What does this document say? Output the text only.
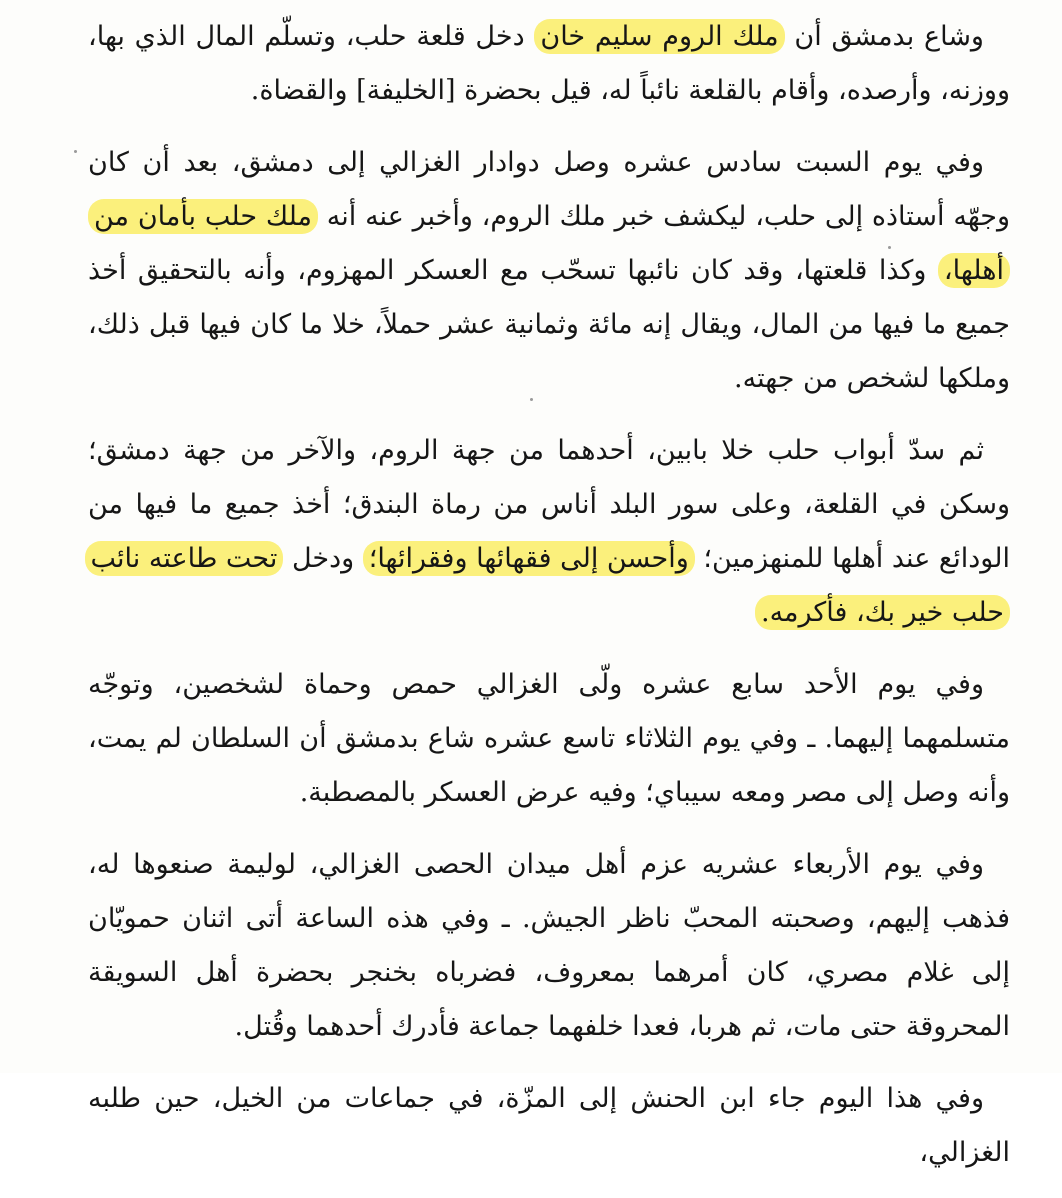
وشاع بدمشق أن ملك الروم سليم خان دخل قلعة حلب، وتسلّم المال الذي بها، ووزنه، وأرصده، وأقام بالقلعة نائباً له، قيل بحضرة [الخليفة] والقضاة.

وفي يوم السبت سادس عشره وصل دوادار الغزالي إلى دمشق، بعد أن كان وجهّه أستاذه إلى حلب، ليكشف خبر ملك الروم، وأخبر عنه أنه ملك حلب بأمان من أهلها، وكذا قلعتها، وقد كان نائبها تسحّب مع العسكر المهزوم، وأنه بالتحقيق أخذ جميع ما فيها من المال، ويقال إنه مائة وثمانية عشر حملاً، خلا ما كان فيها قبل ذلك، وملكها لشخص من جهته.

ثم سدّ أبواب حلب خلا بابين، أحدهما من جهة الروم، والآخر من جهة دمشق؛ وسكن في القلعة، وعلى سور البلد أناس من رماة البندق؛ أخذ جميع ما فيها من الودائع عند أهلها للمنهزمين؛ وأحسن إلى فقهائها وفقرائها؛ ودخل تحت طاعته نائب حلب خير بك، فأكرمه.

وفي يوم الأحد سابع عشره ولّى الغزالي حمص وحماة لشخصين، وتوجّه متسلمهما إليهما. ـ وفي يوم الثلاثاء تاسع عشره شاع بدمشق أن السلطان لم يمت، وأنه وصل إلى مصر ومعه سيباي؛ وفيه عرض العسكر بالمصطبة.

وفي يوم الأربعاء عشريه عزم أهل ميدان الحصى الغزالي، لوليمة صنعوها له، فذهب إليهم، وصحبته المحبّ ناظر الجيش. ـ وفي هذه الساعة أتى اثنان حمويّان إلى غلام مصري، كان أمرهما بمعروف، فضرباه بخنجر بحضرة أهل السويقة المحروقة حتى مات، ثم هربا، فعدا خلفهما جماعة فأدرك أحدهما وقُتل.

وفي هذا اليوم جاء ابن الحنش إلى المزّة، في جماعات من الخيل، حين طلبه الغزالي،
